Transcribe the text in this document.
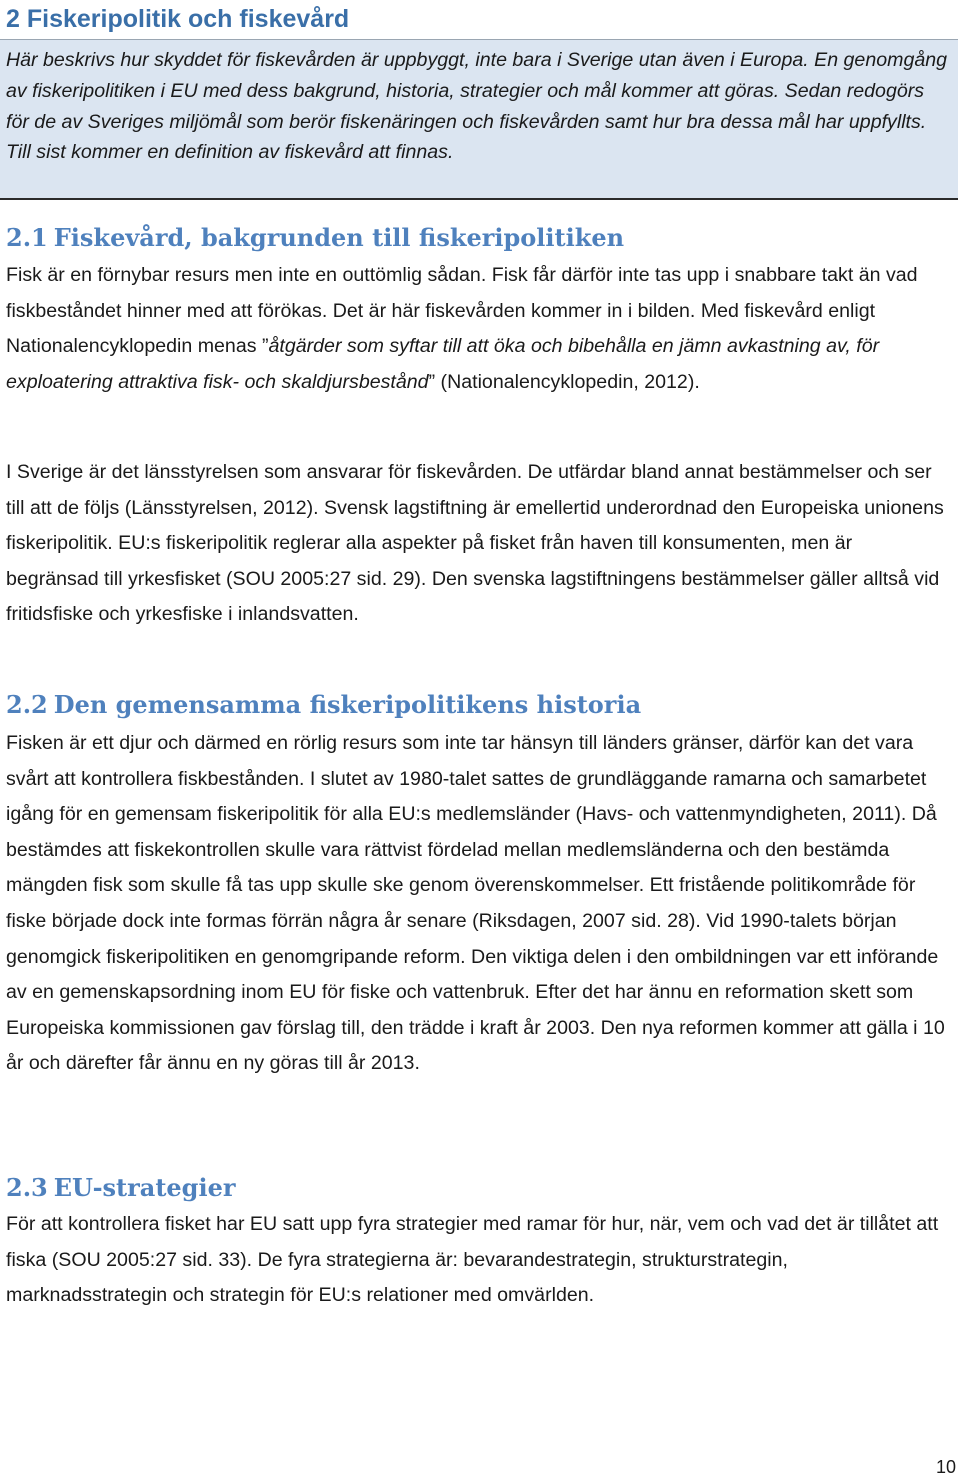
2 Fiskeripolitik och fiskevård

Här beskrivs hur skyddet för fiskevården är uppbyggt, inte bara i Sverige utan även i Europa. En genomgång av fiskeripolitiken i EU med dess bakgrund, historia, strategier och mål kommer att göras. Sedan redogörs för de av Sveriges miljömål som berör fiskenäringen och fiskevården samt hur bra dessa mål har uppfyllts. Till sist kommer en definition av fiskevård att finnas.

2.1 Fiskevård, bakgrunden till fiskeripolitiken

Fisk är en förnybar resurs men inte en outtömlig sådan. Fisk får därför inte tas upp i snabbare takt än vad fiskbeståndet hinner med att förökas. Det är här fiskevården kommer in i bilden. Med fiskevård enligt Nationalencyklopedin menas ”åtgärder som syftar till att öka och bibehålla en jämn avkastning av, för exploatering attraktiva fisk- och skaldjursbestånd” (Nationalencyklopedin, 2012).

I Sverige är det länsstyrelsen som ansvarar för fiskevården. De utfärdar bland annat bestämmelser och ser till att de följs (Länsstyrelsen, 2012). Svensk lagstiftning är emellertid underordnad den Europeiska unionens fiskeripolitik. EU:s fiskeripolitik reglerar alla aspekter på fisket från haven till konsumenten, men är begränsad till yrkesfisket (SOU 2005:27 sid. 29). Den svenska lagstiftningens bestämmelser gäller alltså vid fritidsfiske och yrkesfiske i inlandsvatten.

2.2 Den gemensamma fiskeripolitikens historia

Fisken är ett djur och därmed en rörlig resurs som inte tar hänsyn till länders gränser, därför kan det vara svårt att kontrollera fiskbestånden. I slutet av 1980-talet sattes de grundläggande ramarna och samarbetet igång för en gemensam fiskeripolitik för alla EU:s medlemsländer (Havs- och vattenmyndigheten, 2011). Då bestämdes att fiskekontrollen skulle vara rättvist fördelad mellan medlemsländerna och den bestämda mängden fisk som skulle få tas upp skulle ske genom överenskommelser. Ett fristående politikområde för fiske började dock inte formas förrän några år senare (Riksdagen, 2007 sid. 28). Vid 1990-talets början genomgick fiskeripolitiken en genomgripande reform. Den viktiga delen i den ombildningen var ett införande av en gemenskapsordning inom EU för fiske och vattenbruk. Efter det har ännu en reformation skett som Europeiska kommissionen gav förslag till, den trädde i kraft år 2003. Den nya reformen kommer att gälla i 10 år och därefter får ännu en ny göras till år 2013.

2.3 EU-strategier

För att kontrollera fisket har EU satt upp fyra strategier med ramar för hur, när, vem och vad det är tillåtet att fiska (SOU 2005:27 sid. 33). De fyra strategierna är: bevarandestrategin, strukturstrategin, marknadsstrategin och strategin för EU:s relationer med omvärlden.

10
